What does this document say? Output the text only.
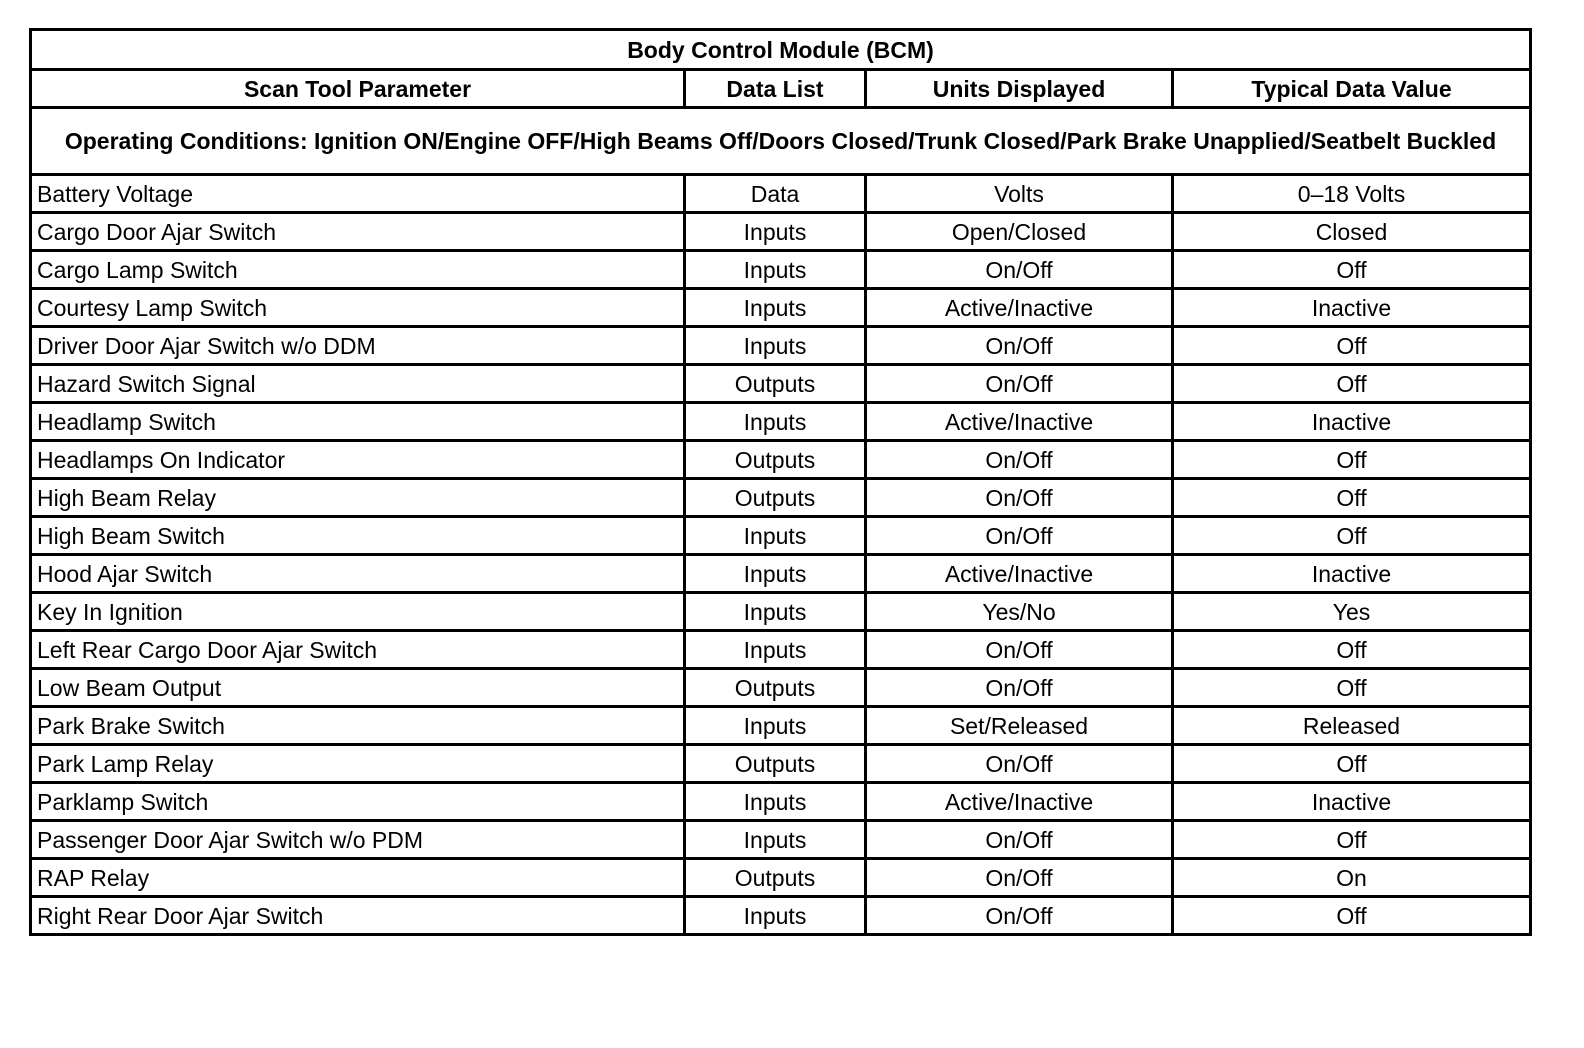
Body Control Module (BCM)			
Scan Tool Parameter	Data List	Units Displayed	Typical Data Value
Operating Conditions: Ignition ON/Engine OFF/High Beams Off/Doors Closed/Trunk Closed/Park Brake Unapplied/Seatbelt Buckled			
Battery Voltage	Data	Volts	0–18 Volts
Cargo Door Ajar Switch	Inputs	Open/Closed	Closed
Cargo Lamp Switch	Inputs	On/Off	Off
Courtesy Lamp Switch	Inputs	Active/Inactive	Inactive
Driver Door Ajar Switch w/o DDM	Inputs	On/Off	Off
Hazard Switch Signal	Outputs	On/Off	Off
Headlamp Switch	Inputs	Active/Inactive	Inactive
Headlamps On Indicator	Outputs	On/Off	Off
High Beam Relay	Outputs	On/Off	Off
High Beam Switch	Inputs	On/Off	Off
Hood Ajar Switch	Inputs	Active/Inactive	Inactive
Key In Ignition	Inputs	Yes/No	Yes
Left Rear Cargo Door Ajar Switch	Inputs	On/Off	Off
Low Beam Output	Outputs	On/Off	Off
Park Brake Switch	Inputs	Set/Released	Released
Park Lamp Relay	Outputs	On/Off	Off
Parklamp Switch	Inputs	Active/Inactive	Inactive
Passenger Door Ajar Switch w/o PDM	Inputs	On/Off	Off
RAP Relay	Outputs	On/Off	On
Right Rear Door Ajar Switch	Inputs	On/Off	Off
